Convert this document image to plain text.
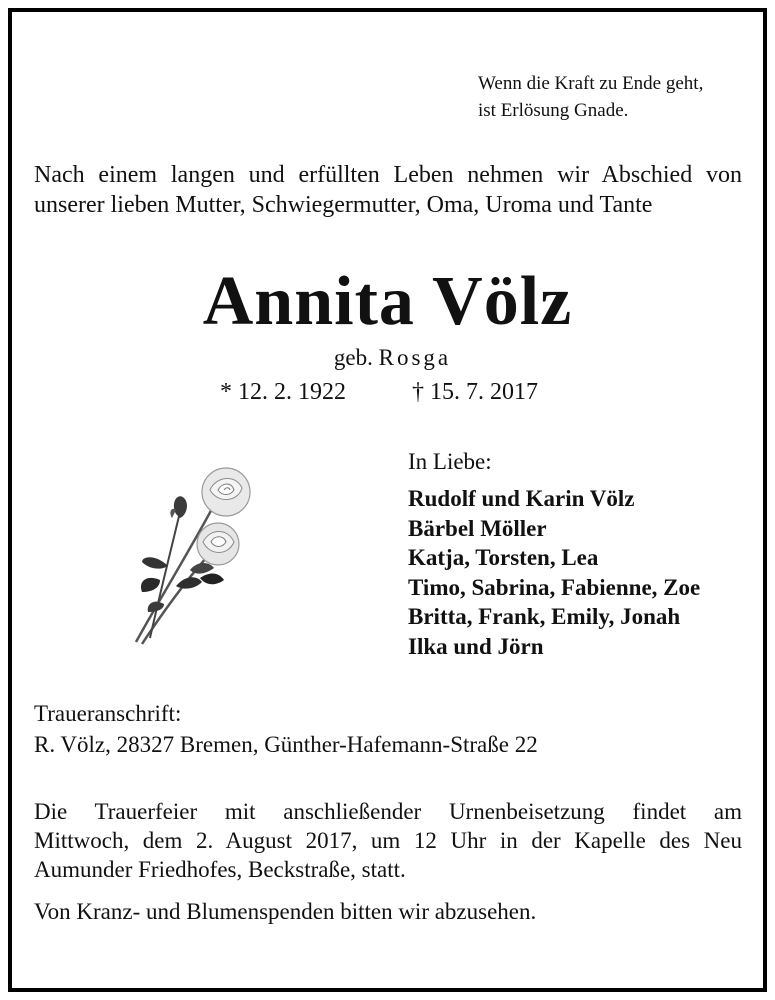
Wenn die Kraft zu Ende geht,
ist Erlösung Gnade.
Nach einem langen und erfüllten Leben nehmen wir Abschied von
unserer lieben Mutter, Schwiegermutter, Oma, Uroma und Tante
Annita Völz
geb. Rosga
* 12. 2. 1922	† 15. 7. 2017
In Liebe:
Rudolf und Karin Völz
Bärbel Möller
Katja, Torsten, Lea
Timo, Sabrina, Fabienne, Zoe
Britta, Frank, Emily, Jonah
Ilka und Jörn
Traueranschrift:
R. Völz, 28327 Bremen, Günther-Hafemann-Straße 22
Die Trauerfeier mit anschließender Urnenbeisetzung findet am
Mittwoch, dem 2. August 2017, um 12 Uhr in der Kapelle des Neu
Aumunder Friedhofes, Beckstraße, statt.
Von Kranz- und Blumenspenden bitten wir abzusehen.
